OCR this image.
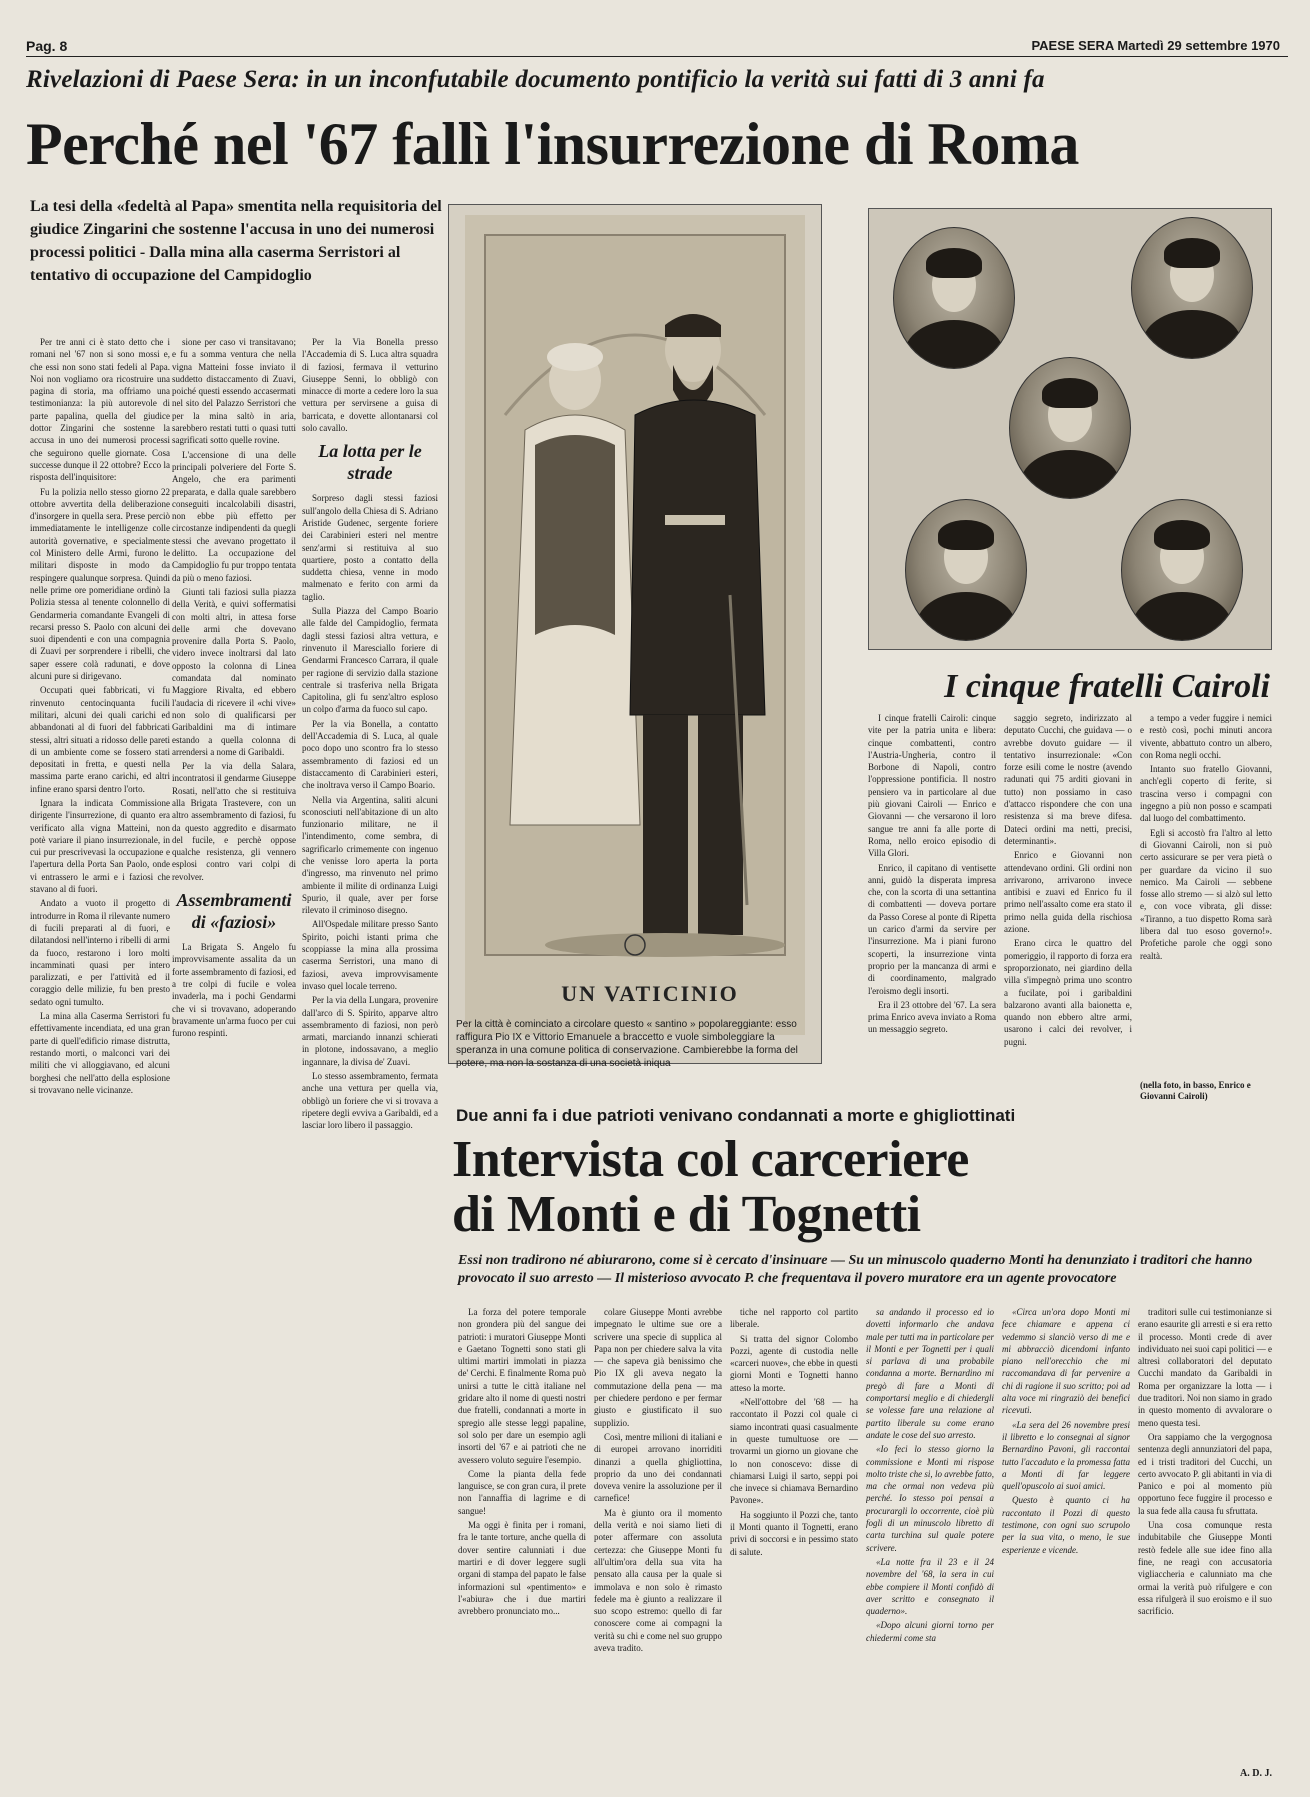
Pag. 8	PAESE SERA Martedì 29 settembre 1970
Rivelazioni di Paese Sera: in un inconfutabile documento pontificio la verità sui fatti di 3 anni fa
Perché nel '67 fallì l'insurrezione di Roma
La tesi della «fedeltà al Papa» smentita nella requisitoria del giudice Zingarini che sostenne l'accusa in uno dei numerosi processi politici - Dalla mina alla caserma Serristori al tentativo di occupazione del Campidoglio

Per tre anni ci è stato detto che i romani nel '67 non si sono mossi e, che essi non sono stati fedeli al Papa. Noi non vogliamo ora ricostruire una pagina di storia, ma offriamo una testimonianza: la più autorevole di parte papalina, quella del giudice dottor Zingarini che sostenne la accusa in uno dei numerosi processi che seguirono quelle giornate. Cosa successe dunque il 22 ottobre? Ecco la risposta dell'inquisitore:

Fu la polizia nello stesso giorno 22 ottobre avvertita della deliberazione d'insorgere in quella sera. Prese perciò immediatamente le intelligenze colle autorità governative, e specialmente col Ministero delle Armi, furono le militari disposte in modo da respingere qualunque sorpresa. Quindi nelle prime ore pomeridiane ordinò la Polizia stessa al tenente colonnello di Gendarmeria comandante Evangeli di recarsi presso S. Paolo con alcuni dei suoi dipendenti e con una compagnia di Zuavi per sorprendere i ribelli, che saper essere colà radunati, e dove alcuni pure si dirigevano.

Occupati quei fabbricati, vi fu rinvenuto centocinquanta fucili militari, alcuni dei quali carichi ed abbandonati al di fuori del fabbricati stessi, altri situati a ridosso delle pareti di un ambiente come se fossero stati depositati in fretta, e questi nella massima parte erano carichi, ed altri infine erano sparsi dentro l'orto.

Ignara la indicata Commissione dirigente l'insurrezione, di quanto era verificato alla vigna Matteini, non potè variare il piano insurrezionale, in cui pur prescrivevasi la occupazione e l'apertura della Porta San Paolo, onde vi entrassero le armi e i faziosi che stavano al di fuori.

Andato a vuoto il progetto di introdurre in Roma il rilevante numero di fucili preparati al di fuori, e dilatandosi nell'interno i ribelli di armi da fuoco, restarono i loro molti incamminati quasi per intero paralizzati, e per l'attività ed il coraggio delle milizie, fu ben presto sedato ogni tumulto.

La mina alla Caserma Serristori fu effettivamente incendiata, ed una gran parte di quell'edificio rimase distrutta, restando morti, o malconci vari dei militi che vi alloggiavano, ed alcuni borghesi che nell'atto della esplosione si trovavano nelle vicinanze.

sione per caso vi transitavano; e fu a somma ventura che nella vigna Matteini fosse inviato il suddetto distaccamento di Zuavi, poiché questi essendo accasermati nel sito del Palazzo Serristori che per la mina saltò in aria, sarebbero restati tutti o quasi tutti sagrificati sotto quelle rovine.

L'accensione di una delle principali polveriere del Forte S. Angelo, che era parimenti preparata, e dalla quale sarebbero conseguiti incalcolabili disastri, non ebbe più effetto per circostanze indipendenti da quegli stessi che avevano progettato il delitto. La occupazione del Campidoglio fu pur troppo tentata da più o meno faziosi.

Giunti tali faziosi sulla piazza della Verità, e quivi soffermatisi con molti altri, in attesa forse delle armi che dovevano provenire dalla Porta S. Paolo, videro invece inoltrarsi dal lato opposto la colonna di Linea comandata dal nominato Maggiore Rivalta, ed ebbero l'audacia di ricevere il «chi vive» non solo di qualificarsi per Garibaldini ma di intimare estando a quella colonna di arrendersi a nome di Garibaldi.

Per la via della Salara, incontratosi il gendarme Giuseppe Rosati, nell'atto che si restituiva alla Brigata Trastevere, con un altro assembramento di faziosi, fu da questo aggredito e disarmato del fucile, e perchè oppose qualche resistenza, gli vennero esplosi contro vari colpi di revolver.

Assembramenti di «faziosi»

La Brigata S. Angelo fu improvvisamente assalita da un forte assembramento di faziosi, ed a tre colpi di fucile e volea invaderla, ma i pochi Gendarmi che vi si trovavano, adoperando bravamente un'arma fuoco per cui furono respinti.

Per la Via Bonella presso l'Accademia di S. Luca altra squadra di faziosi, fermava il vetturino Giuseppe Senni, lo obbligò con minacce di morte a cedere loro la sua vettura per servirsene a guisa di barricata, e dovette allontanarsi col solo cavallo.

La lotta per le strade

Sorpreso dagli stessi faziosi sull'angolo della Chiesa di S. Adriano Aristide Gudenec, sergente foriere dei Carabinieri esteri nel mentre senz'armi si restituiva al suo quartiere, posto a contatto della suddetta chiesa, venne in modo malmenato e ferito con armi da taglio.

Sulla Piazza del Campo Boario alle falde del Campidoglio, fermata dagli stessi faziosi altra vettura, e rinvenuto il Maresciallo foriere di Gendarmi Francesco Carrara, il quale per ragione di servizio dalla stazione centrale si trasferiva nella Brigata Capitolina, gli fu senz'altro esploso un colpo d'arma da fuoco sul capo.

Per la via Bonella, a contatto dell'Accademia di S. Luca, al quale poco dopo uno scontro fra lo stesso assembramento di faziosi ed un distaccamento di Carabinieri esteri, che inoltrava verso il Campo Boario.

Nella via Argentina, saliti alcuni sconosciuti nell'abitazione di un alto funzionario militare, ne il l'intendimento, come sembra, di sagrificarlo crimemente con ingenuo che venisse loro aperta la porta d'ingresso, ma rinvenuto nel primo ambiente il milite di ordinanza Luigi Spurio, il quale, aver per forse rilevato il criminoso disegno.

All'Ospedale militare presso Santo Spirito, poichi istanti prima che scoppiasse la mina alla prossima caserma Serristori, una mano di faziosi, aveva improvvisamente invaso quel locale terreno.

Per la via della Lungara, provenire dall'arco di S. Spirito, apparve altro assembramento di faziosi, non però armati, marciando innanzi schierati in plotone, indossavano, a meglio ingannare, la divisa de' Zuavi.

Lo stesso assembramento, fermata anche una vettura per quella via, obbligò un foriere che vi si trovava a ripetere degli evviva a Garibaldi, ed a lasciar loro libero il passaggio.

UN VATICINIO
Per la città è cominciato a circolare questo « santino » popolareggiante: esso raffigura Pio IX e Vittorio Emanuele a braccetto e vuole simboleggiare la speranza in una comune politica di conservazione. Cambierebbe la forma del potere, ma non la sostanza di una società iniqua
I cinque fratelli Cairoli

I cinque fratelli Cairoli: cinque vite per la patria unita e libera: cinque combattenti, contro l'Austria-Ungheria, contro il Borbone di Napoli, contro l'oppressione pontificia. Il nostro pensiero va in particolare al due più giovani Cairoli — Enrico e Giovanni — che versarono il loro sangue tre anni fa alle porte di Roma, nello eroico episodio di Villa Glori.

Enrico, il capitano di ventisette anni, guidò la disperata impresa che, con la scorta di una settantina di combattenti — doveva portare da Passo Corese al ponte di Ripetta un carico d'armi da servire per l'insurrezione. Ma i piani furono scoperti, la insurrezione vinta proprio per la mancanza di armi e di coordinamento, malgrado l'eroismo degli insorti.

Era il 23 ottobre del '67. La sera prima Enrico aveva inviato a Roma un messaggio segreto.

saggio segreto, indirizzato al deputato Cucchi, che guidava — o avrebbe dovuto guidare — il tentativo insurrezionale: «Con forze esili come le nostre (avendo radunati qui 75 arditi giovani in tutto) non possiamo in caso d'attacco rispondere che con una resistenza si ma breve difesa. Dateci ordini ma netti, precisi, determinanti».

Enrico e Giovanni non attendevano ordini. Gli ordini non arrivarono, arrivarono invece antibisi e zuavi ed Enrico fu il primo nell'assalto come era stato il primo nella guida della rischiosa azione.

Erano circa le quattro del pomeriggio, il rapporto di forza era sproporzionato, nei giardino della villa s'impegnò prima uno scontro a fucilate, poi i garibaldini balzarono avanti alla baionetta e, quando non ebbero altre armi, usarono i calci dei revolver, i pugni.

a tempo a veder fuggire i nemici e restò così, pochi minuti ancora vivente, abbattuto contro un albero, con Roma negli occhi.

Intanto suo fratello Giovanni, anch'egli coperto di ferite, si trascina verso i compagni con ingegno a più non posso e scampati dal luogo del combattimento.

Egli si accostò fra l'altro al letto di Giovanni Cairoli, non si può certo assicurare se per vera pietà o per guardare da vicino il suo nemico. Ma Cairoli — sebbene fosse allo stremo — si alzò sul letto e, con voce vibrata, gli disse: «Tiranno, a tuo dispetto Roma sarà libera dal tuo esoso governo!». Profetiche parole che oggi sono realtà.

(nella foto, in basso, Enrico e Giovanni Cairoli)
Due anni fa i due patrioti venivano condannati a morte e ghigliottinati
Intervista col carceriere
di Monti e di Tognetti
Essi non tradirono né abiurarono, come si è cercato d'insinuare — Su un minuscolo quaderno Monti ha denunziato i traditori che hanno provocato il suo arresto — Il misterioso avvocato P. che frequentava il povero muratore era un agente provocatore

La forza del potere temporale non grondera più del sangue dei patrioti: i muratori Giuseppe Monti e Gaetano Tognetti sono stati gli ultimi martiri immolati in piazza de' Cerchi. E finalmente Roma può unirsi a tutte le città italiane nel gridare alto il nome di questi nostri due fratelli, condannati a morte in spregio alle stesse leggi papaline, sol solo per dare un esempio agli insorti del '67 e ai patrioti che ne avessero voluto seguire l'esempio.

Come la pianta della fede languisce, se con gran cura, il prete non l'annaffia di lagrime e di sangue!

Ma oggi è finita per i romani, fra le tante torture, anche quella di dover sentire calunniati i due martiri e di dover leggere sugli organi di stampa del papato le false informazioni sul «pentimento» e l'«abiura» che i due martiri avrebbero pronunciato mo...

colare Giuseppe Monti avrebbe impegnato le ultime sue ore a scrivere una specie di supplica al Papa non per chiedere salva la vita — che sapeva già benissimo che Pio IX gli aveva negato la commutazione della pena — ma per chiedere perdono e per fermar giusto e giustificato il suo supplizio.

Così, mentre milioni di italiani e di europei arrovano inorriditi dinanzi a quella ghigliottina, proprio da uno dei condannati doveva venire la assoluzione per il carnefice!

Ma è giunto ora il momento della verità e noi siamo lieti di poter affermare con assoluta certezza: che Giuseppe Monti fu all'ultim'ora della sua vita ha pensato alla causa per la quale si immolava e non solo è rimasto fedele ma è giunto a realizzare il suo scopo estremo: quello di far conoscere come ai compagni la verità su chi e come nel suo gruppo aveva tradito.

tiche nel rapporto col partito liberale.

Si tratta del signor Colombo Pozzi, agente di custodia nelle «carceri nuove», che ebbe in questi giorni Monti e Tognetti hanno atteso la morte.

«Nell'ottobre del '68 — ha raccontato il Pozzi col quale ci siamo incontrati quasi casualmente in queste tumultuose ore — trovarmi un giorno un giovane che lo non conoscevo: disse di chiamarsi Luigi il sarto, seppi poi che invece si chiamava Bernardino Pavone».

Ha soggiunto il Pozzi che, tanto il Monti quanto il Tognetti, erano privi di soccorsi e in pessimo stato di salute.

sa andando il processo ed io dovetti informarlo che andava male per tutti ma in particolare per il Monti e per Tognetti per i quali si parlava di una probabile condanna a morte. Bernardino mi pregò di fare a Monti di comportarsi meglio e di chiedergli se volesse fare una relazione al partito liberale su come erano andate le cose del suo arresto.

«Io feci lo stesso giorno la commissione e Monti mi rispose molto triste che si, lo avrebbe fatto, ma che ormai non vedeva più perché. Io stesso poi pensai a procurargli lo occorrente, cioè più fogli di un minuscolo libretto di carta turchina sul quale potere scrivere.

«La notte fra il 23 e il 24 novembre del '68, la sera in cui ebbe compiere il Monti confidò di aver scritto e consegnato il quaderno».

«Dopo alcuni giorni torno per chiedermi come sta

«Circa un'ora dopo Monti mi fece chiamare e appena ci vedemmo si slanciò verso di me e mi abbracciò dicendomi infanto piano nell'orecchio che mi raccomandava di far pervenire a chi di ragione il suo scritto; poi ad alta voce mi ringraziò dei benefici ricevuti.

«La sera del 26 novembre presi il libretto e lo consegnai al signor Bernardino Pavoni, gli raccontai tutto l'accaduto e la promessa fatta a Monti di far leggere quell'opuscolo ai suoi amici.

Questo è quanto ci ha raccontato il Pozzi di questo testimone, con ogni suo scrupolo per la sua vita, o meno, le sue esperienze e vicende.

traditori sulle cui testimonianze si erano esaurite gli arresti e si era retto il processo. Monti crede di aver individuato nei suoi capi politici — e altresì collaboratori del deputato Cucchi mandato da Garibaldi in Roma per organizzare la lotta — i due traditori. Noi non siamo in grado in questo momento di avvalorare o meno questa tesi.

Ora sappiamo che la vergognosa sentenza degli annunziatori del papa, ed i tristi traditori del Cucchi, un certo avvocato P. gli abitanti in via di Panico e poi al momento più opportuno fece fuggire il processo e la sua fede alla causa fu sfruttata.

Una cosa comunque resta indubitabile che Giuseppe Monti restò fedele alle sue idee fino alla fine, ne reagì con accusatoria vigliaccheria e calunniato ma che ormai la verità può rifulgere e con essa rifulgerà il suo eroismo e il suo sacrificio.

A. D. J.
